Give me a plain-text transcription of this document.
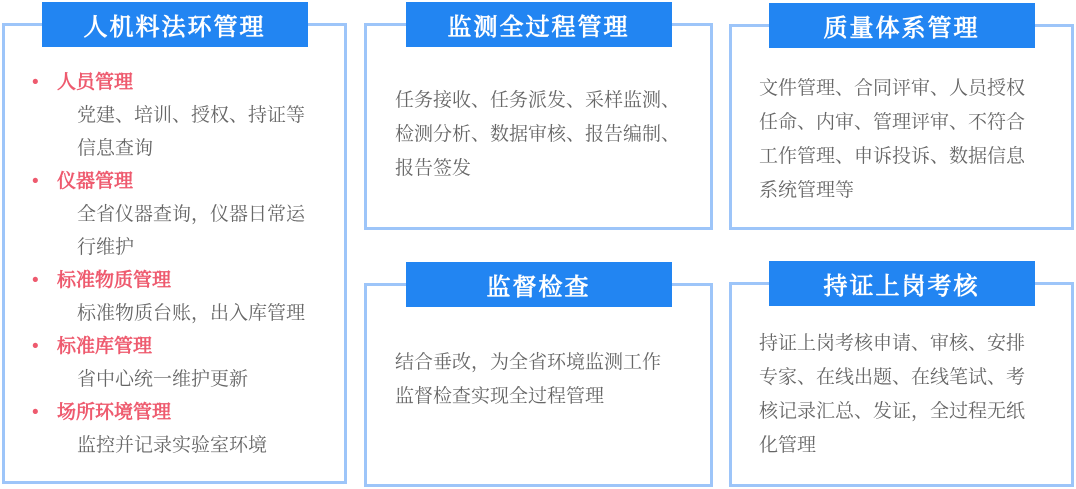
人机料法环管理
• 人员管理
党建、培训、授权、持证等信息查询
• 仪器管理
全省仪器查询，仪器日常运行维护
• 标准物质管理
标准物质台账，出入库管理
• 标准库管理
省中心统一维护更新
• 场所环境管理
监控并记录实验室环境
监测全过程管理
任务接收、任务派发、采样监测、检测分析、数据审核、报告编制、报告签发
质量体系管理
文件管理、合同评审、人员授权任命、内审、管理评审、不符合工作管理、申诉投诉、数据信息系统管理等
监督检查
结合垂改，为全省环境监测工作监督检查实现全过程管理
持证上岗考核
持证上岗考核申请、审核、安排专家、在线出题、在线笔试、考核记录汇总、发证，全过程无纸化管理
